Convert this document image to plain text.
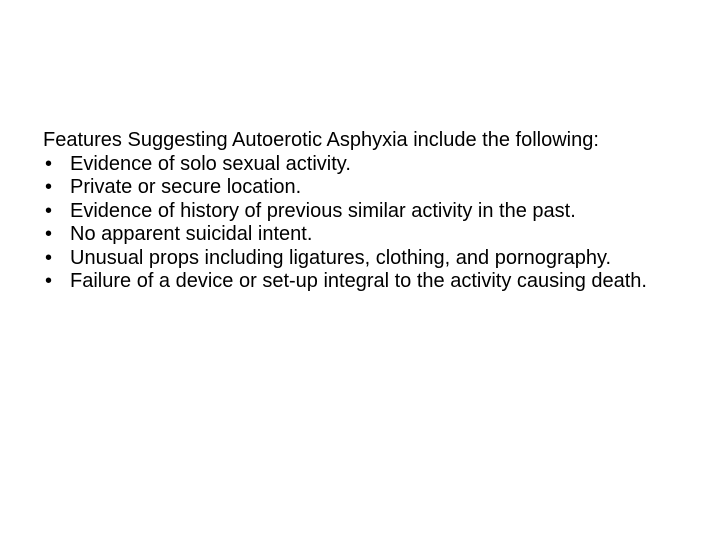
Features Suggesting Autoerotic Asphyxia include the following:

• Evidence of solo sexual activity.
• Private or secure location.
• Evidence of history of previous similar activity in the past.
• No apparent suicidal intent.
• Unusual props including ligatures, clothing, and pornography.
• Failure of a device or set-up integral to the activity causing death.
